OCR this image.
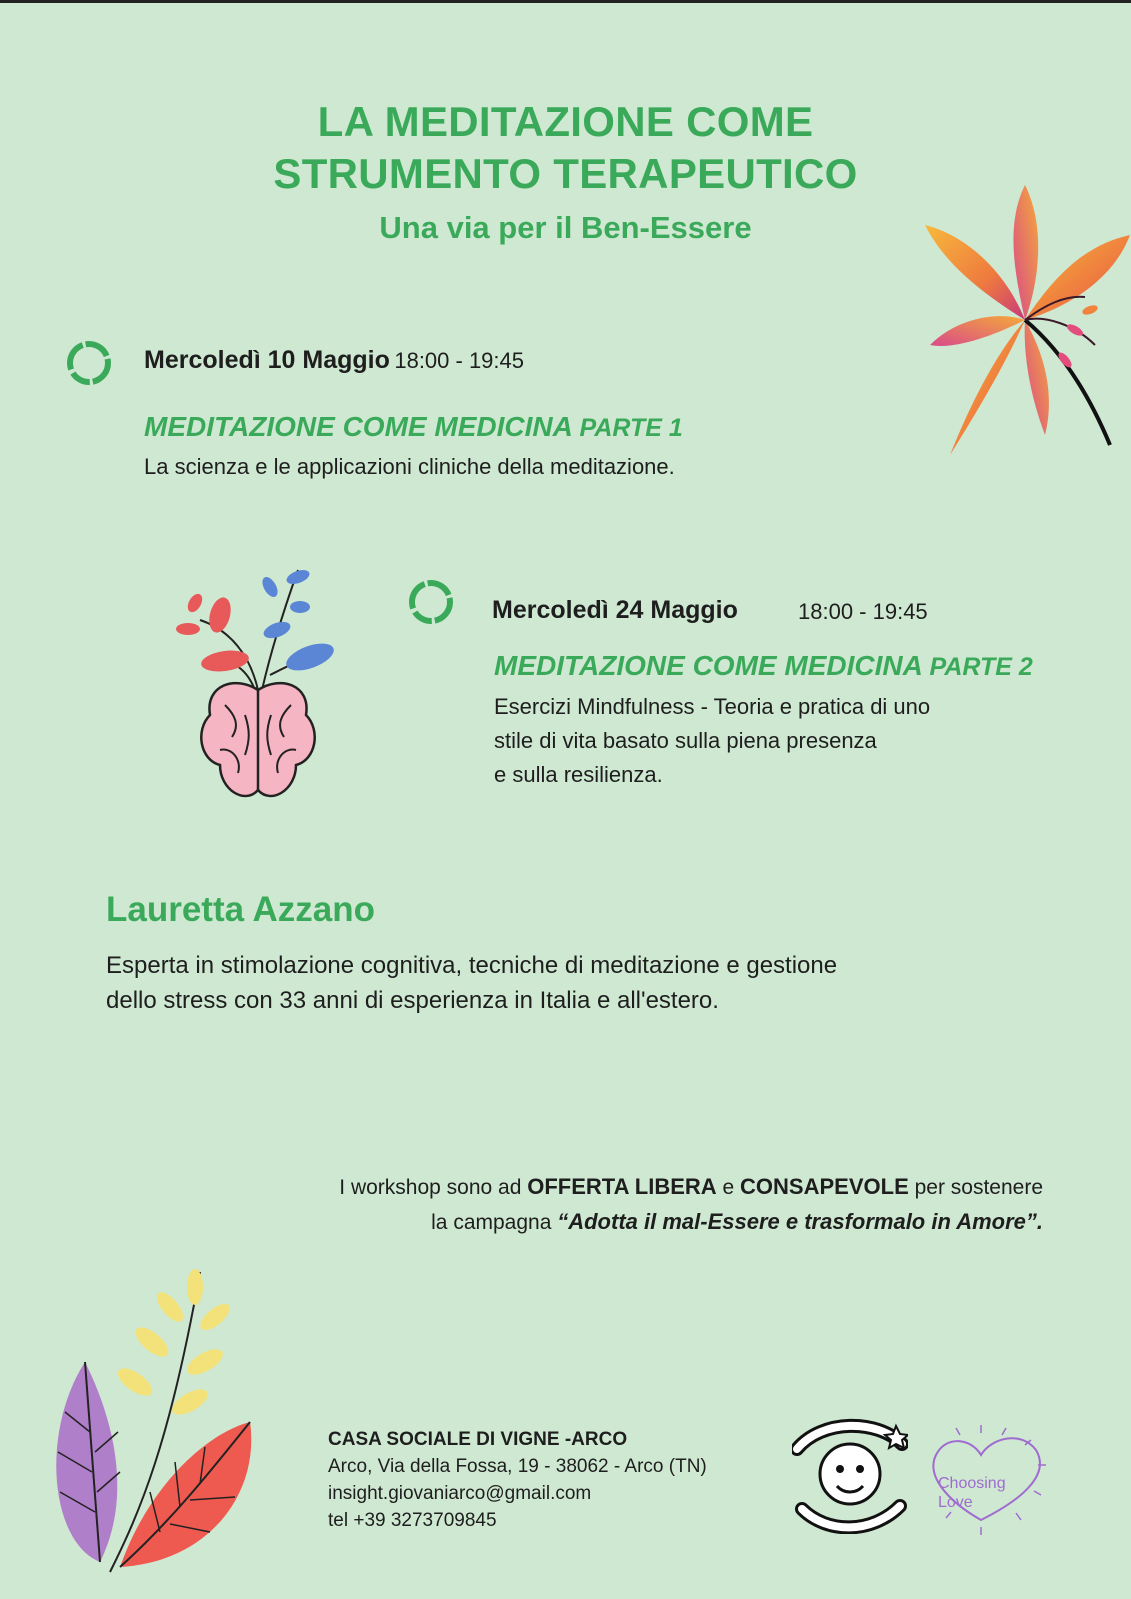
LA MEDITAZIONE COME
STRUMENTO TERAPEUTICO
Una via per il Ben-Essere
Mercoledì 10 Maggio 18:00 - 19:45
MEDITAZIONE COME MEDICINA PARTE 1
La scienza e le applicazioni cliniche della meditazione.
Mercoledì 24 Maggio	18:00 - 19:45
MEDITAZIONE COME MEDICINA PARTE 2
Esercizi Mindfulness - Teoria e pratica di uno
stile di vita basato sulla piena presenza
e sulla resilienza.
Lauretta Azzano
Esperta in stimolazione cognitiva, tecniche di meditazione e gestione
dello stress con 33 anni di esperienza in Italia e all'estero.
I workshop sono ad OFFERTA LIBERA e CONSAPEVOLE per sostenere
la campagna “Adotta il mal-Essere e trasformalo in Amore”.
CASA SOCIALE DI VIGNE -ARCO
Arco, Via della Fossa, 19 - 38062 - Arco (TN)
insight.giovaniarco@gmail.com
tel +39 3273709845
Choosing
Love
